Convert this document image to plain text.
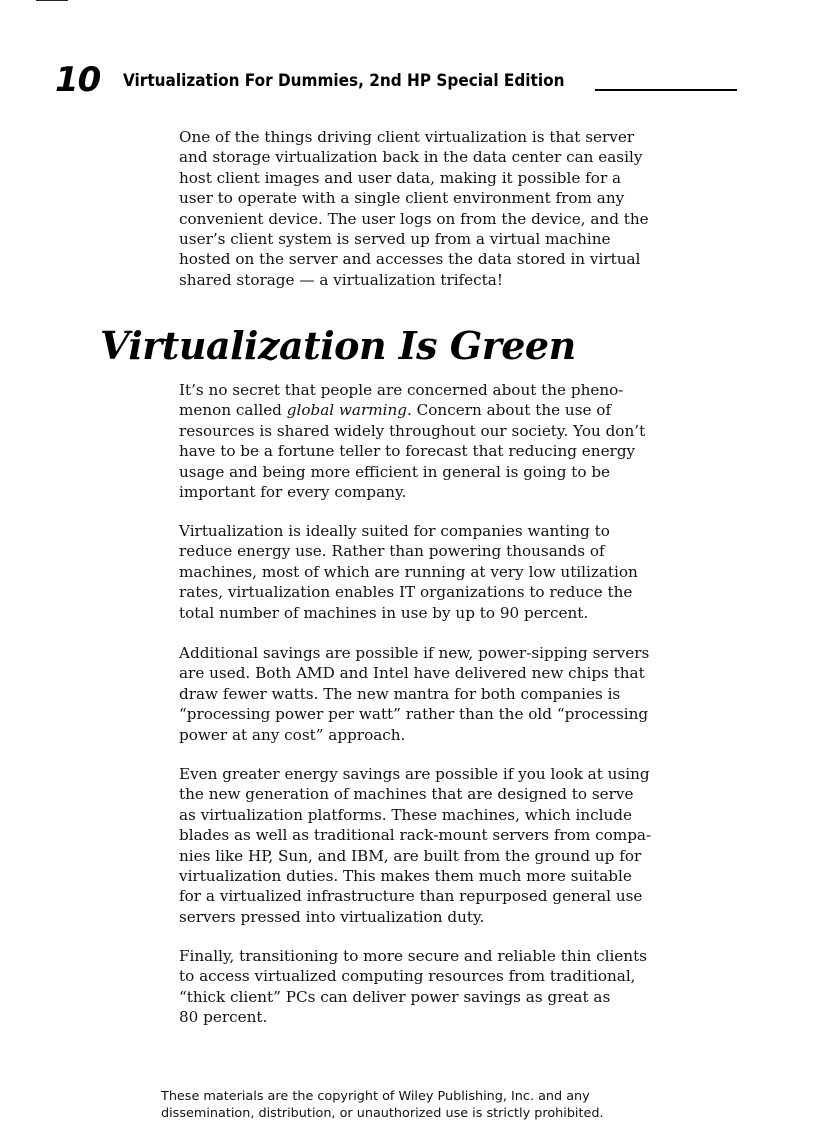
10 Virtualization For Dummies, 2nd HP Special Edition

One of the things driving client virtualization is that server
and storage virtualization back in the data center can easily
host client images and user data, making it possible for a
user to operate with a single client environment from any
convenient device. The user logs on from the device, and the
user’s client system is served up from a virtual machine
hosted on the server and accesses the data stored in virtual
shared storage — a virtualization trifecta!

Virtualization Is Green

It’s no secret that people are concerned about the pheno-
menon called global warming. Concern about the use of
resources is shared widely throughout our society. You don’t
have to be a fortune teller to forecast that reducing energy
usage and being more efficient in general is going to be
important for every company.

Virtualization is ideally suited for companies wanting to
reduce energy use. Rather than powering thousands of
machines, most of which are running at very low utilization
rates, virtualization enables IT organizations to reduce the
total number of machines in use by up to 90 percent.

Additional savings are possible if new, power-sipping servers
are used. Both AMD and Intel have delivered new chips that
draw fewer watts. The new mantra for both companies is
“processing power per watt” rather than the old “processing
power at any cost” approach.

Even greater energy savings are possible if you look at using
the new generation of machines that are designed to serve
as virtualization platforms. These machines, which include
blades as well as traditional rack-mount servers from compa-
nies like HP, Sun, and IBM, are built from the ground up for
virtualization duties. This makes them much more suitable
for a virtualized infrastructure than repurposed general use
servers pressed into virtualization duty.

Finally, transitioning to more secure and reliable thin clients
to access virtualized computing resources from traditional,
“thick client” PCs can deliver power savings as great as
80 percent.

These materials are the copyright of Wiley Publishing, Inc. and any
dissemination, distribution, or unauthorized use is strictly prohibited.
